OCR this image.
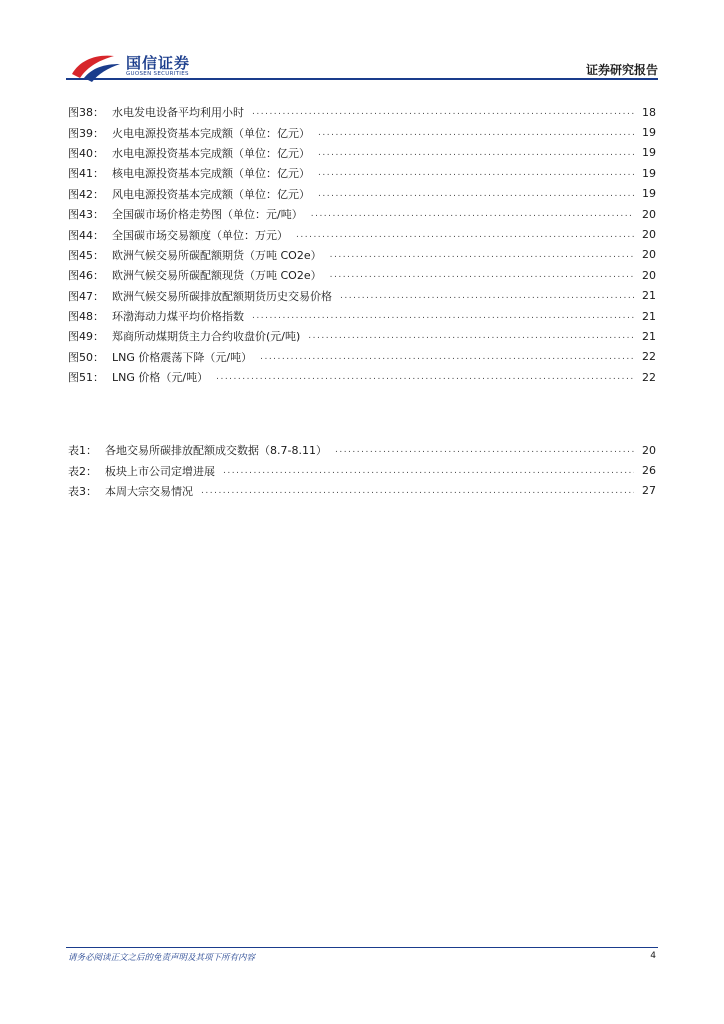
国信证券
GUOSEN SECURITIES	证券研究报告
图38： 水电发电设备平均利用小时 .....	18
图39： 火电电源投资基本完成额（单位：亿元） .....	19
图40： 水电电源投资基本完成额（单位：亿元） .....	19
图41： 核电电源投资基本完成额（单位：亿元） .....	19
图42： 风电电源投资基本完成额（单位：亿元） .....	19
图43： 全国碳市场价格走势图（单位：元/吨） .....	20
图44： 全国碳市场交易额度（单位：万元） .....	20
图45： 欧洲气候交易所碳配额期货（万吨 CO2e） .....	20
图46： 欧洲气候交易所碳配额现货（万吨 CO2e） .....	20
图47： 欧洲气候交易所碳排放配额期货历史交易价格 .....	21
图48： 环渤海动力煤平均价格指数 .....	21
图49： 郑商所动煤期货主力合约收盘价(元/吨) .....	21
图50： LNG 价格震荡下降（元/吨） .....	22
图51： LNG 价格（元/吨） .....	22
表1： 各地交易所碳排放配额成交数据（8.7-8.11） .....	20
表2： 板块上市公司定增进展 .....	26
表3： 本周大宗交易情况 .....	27
请务必阅读正文之后的免责声明及其项下所有内容	4
